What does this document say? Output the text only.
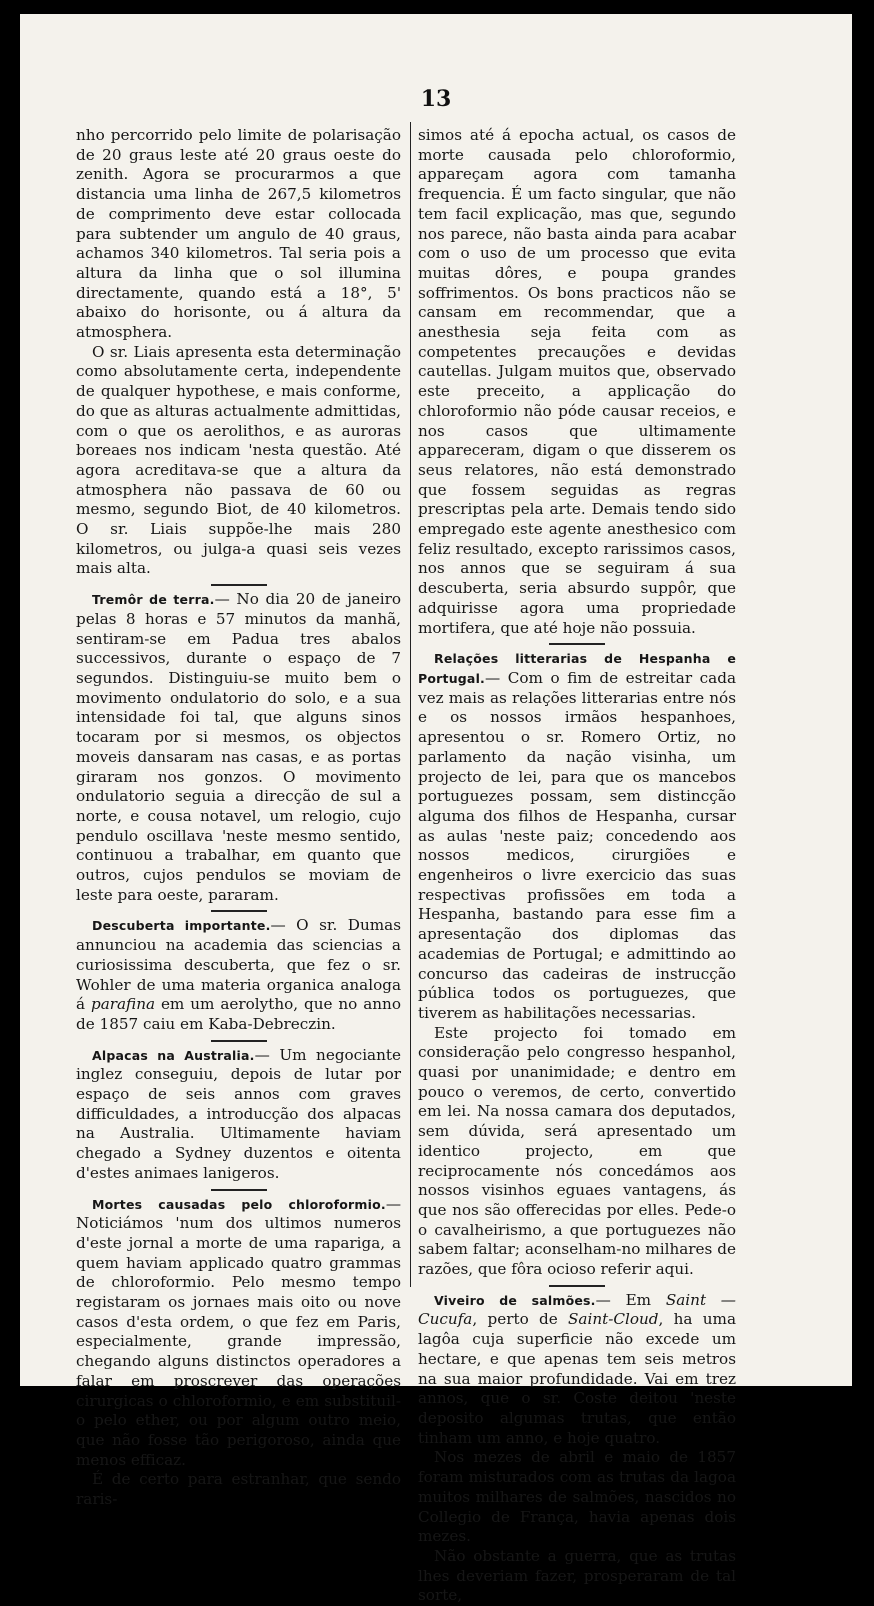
13

nho percorrido pelo limite de polarisação de 20 graus leste até 20 graus oeste do zenith. Agora se procurarmos a que distancia uma linha de 267,5 kilometros de comprimento deve estar collocada para subtender um angulo de 40 graus, achamos 340 kilometros. Tal seria pois a altura da linha que o sol illumina directamente, quando está a 18°, 5' abaixo do horisonte, ou á altura da atmosphera.

O sr. Liais apresenta esta determinação como absolutamente certa, independente de qualquer hypothese, e mais conforme, do que as alturas actualmente admittidas, com o que os aerolithos, e as auroras boreaes nos indicam 'nesta questão. Até agora acreditava-se que a altura da atmosphera não passava de 60 ou mesmo, segundo Biot, de 40 kilometros. O sr. Liais suppõe-lhe mais 280 kilometros, ou julga-a quasi seis vezes mais alta.

Tremôr de terra.— No dia 20 de janeiro pelas 8 horas e 57 minutos da manhã, sentiram-se em Padua tres abalos successivos, durante o espaço de 7 segundos. Distinguiu-se muito bem o movimento ondulatorio do solo, e a sua intensidade foi tal, que alguns sinos tocaram por si mesmos, os objectos moveis dansaram nas casas, e as portas giraram nos gonzos. O movimento ondulatorio seguia a direcção de sul a norte, e cousa notavel, um relogio, cujo pendulo oscillava 'neste mesmo sentido, continuou a trabalhar, em quanto que outros, cujos pendulos se moviam de leste para oeste, pararam.

Descuberta importante.— O sr. Dumas annunciou na academia das sciencias a curiosissima descuberta, que fez o sr. Wohler de uma materia organica analoga á parafina em um aerolytho, que no anno de 1857 caiu em Kaba-Debreczin.

Alpacas na Australia.— Um negociante inglez conseguiu, depois de lutar por espaço de seis annos com graves difficuldades, a introducção dos alpacas na Australia. Ultimamente haviam chegado a Sydney duzentos e oitenta d'estes animaes lanigeros.

Mortes causadas pelo chloroformio.— Noticiámos 'num dos ultimos numeros d'este jornal a morte de uma rapariga, a quem haviam applicado quatro grammas de chloroformio. Pelo mesmo tempo registaram os jornaes mais oito ou nove casos d'esta ordem, o que fez em Paris, especialmente, grande impressão, chegando alguns distinctos operadores a falar em proscrever das operações cirurgicas o chloroformio, e em substituil-o pelo ether, ou por algum outro meio, que não fosse tão perigoroso, ainda que menos efficaz.

É de certo para estranhar, que sendo raris-

simos até á epocha actual, os casos de morte causada pelo chloroformio, appareçam agora com tamanha frequencia. É um facto singular, que não tem facil explicação, mas que, segundo nos parece, não basta ainda para acabar com o uso de um processo que evita muitas dôres, e poupa grandes soffrimentos. Os bons practicos não se cansam em recommendar, que a anesthesia seja feita com as competentes precauções e devidas cautellas. Julgam muitos que, observado este preceito, a applicação do chloroformio não póde causar receios, e nos casos que ultimamente appareceram, digam o que disserem os seus relatores, não está demonstrado que fossem seguidas as regras prescriptas pela arte. Demais tendo sido empregado este agente anesthesico com feliz resultado, excepto rarissimos casos, nos annos que se seguiram á sua descuberta, seria absurdo suppôr, que adquirisse agora uma propriedade mortifera, que até hoje não possuia.

Relações litterarias de Hespanha e Portugal.— Com o fim de estreitar cada vez mais as relações litterarias entre nós e os nossos irmãos hespanhoes, apresentou o sr. Romero Ortiz, no parlamento da nação visinha, um projecto de lei, para que os mancebos portuguezes possam, sem distincção alguma dos filhos de Hespanha, cursar as aulas 'neste paiz; concedendo aos nossos medicos, cirurgiões e engenheiros o livre exercicio das suas respectivas profissões em toda a Hespanha, bastando para esse fim a apresentação dos diplomas das academias de Portugal; e admittindo ao concurso das cadeiras de instrucção pública todos os portuguezes, que tiverem as habilitações necessarias.

Este projecto foi tomado em consideração pelo congresso hespanhol, quasi por unanimidade; e dentro em pouco o veremos, de certo, convertido em lei. Na nossa camara dos deputados, sem dúvida, será apresentado um identico projecto, em que reciprocamente nós concedámos aos nossos visinhos eguaes vantagens, ás que nos são offerecidas por elles. Pede-o o cavalheirismo, a que portuguezes não sabem faltar; aconselham-no milhares de razões, que fôra ocioso referir aqui.

Viveiro de salmões.— Em Saint — Cucufa, perto de Saint-Cloud, ha uma lagôa cuja superficie não excede um hectare, e que apenas tem seis metros na sua maior profundidade. Vai em trez annos, que o sr. Coste deitou 'neste deposito algumas trutas, que então tinham um anno, e hoje quatro.

Nos mezes de abril e maio de 1857 foram misturados com as trutas da lagoa muitos milhares de salmões, nascidos no Collegio de França, havia apenas dois mezes.

Não obstante a guerra, que as trutas lhes deveriam fazer, prosperaram de tal sorte,
